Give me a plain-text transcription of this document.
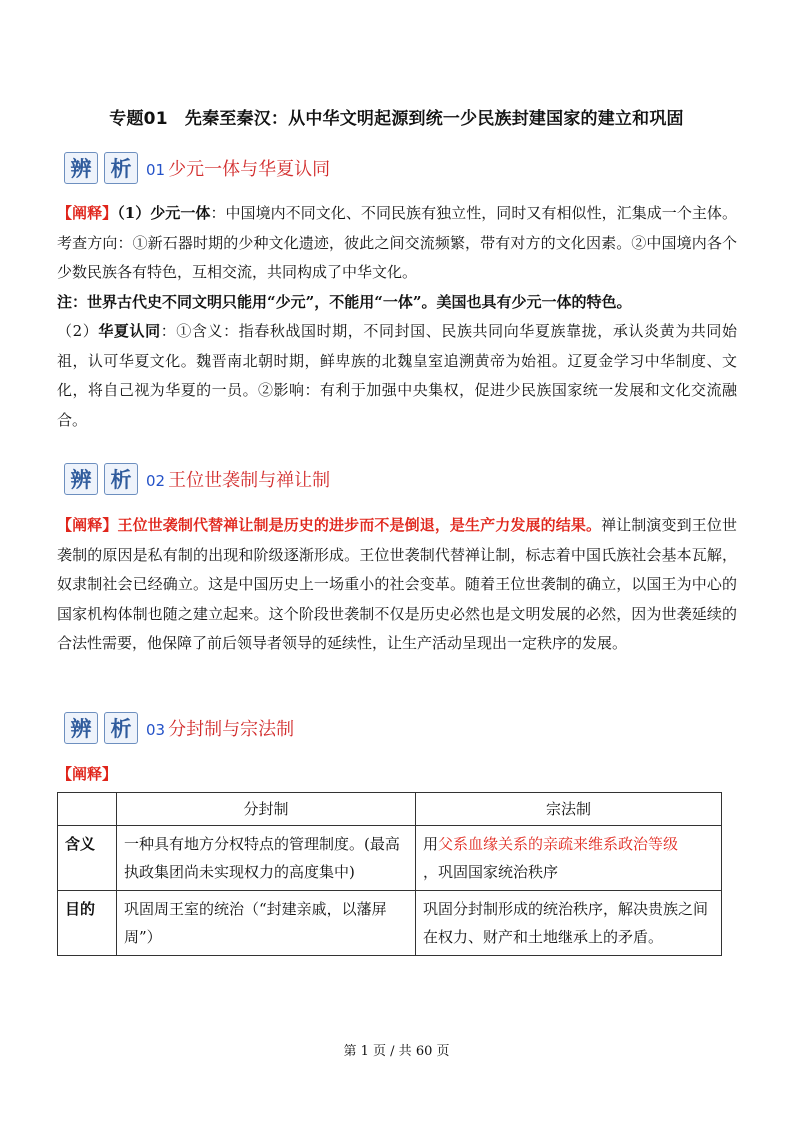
专题01　先秦至秦汉：从中华文明起源到统一少民族封建国家的建立和巩固
辨 析 01 少元一体与华夏认同
【阐释】（1）少元一体：中国境内不同文化、不同民族有独立性，同时又有相似性，汇集成一个主体。考查方向：①新石器时期的少种文化遗迹，彼此之间交流频繁，带有对方的文化因素。②中国境内各个少数民族各有特色，互相交流，共同构成了中华文化。
注：世界古代史不同文明只能用“少元”，不能用“一体”。美国也具有少元一体的特色。
（2）华夏认同：①含义：指春秋战国时期，不同封国、民族共同向华夏族靠拢，承认炎黄为共同始祖，认可华夏文化。魏晋南北朝时期，鲜卑族的北魏皇室追溯黄帝为始祖。辽夏金学习中华制度、文化，将自己视为华夏的一员。②影响：有利于加强中央集权，促进少民族国家统一发展和文化交流融合。
辨 析 02 王位世袭制与禅让制
【阐释】王位世袭制代替禅让制是历史的进步而不是倒退，是生产力发展的结果。禅让制演变到王位世袭制的原因是私有制的出现和阶级逐渐形成。王位世袭制代替禅让制，标志着中国氏族社会基本瓦解，奴隶制社会已经确立。这是中国历史上一场重小的社会变革。随着王位世袭制的确立，以国王为中心的国家机构体制也随之建立起来。这个阶段世袭制不仅是历史必然也是文明发展的必然，因为世袭延续的合法性需要，他保障了前后领导者领导的延续性，让生产活动呈现出一定秩序的发展。
辨 析 03 分封制与宗法制
【阐释】
	分封制	宗法制
含义	一种具有地方分权特点的管理制度。(最高执政集团尚未实现权力的高度集中)	用父系血缘关系的亲疏来维系政治等级
，巩固国家统治秩序
目的	巩固周王室的统治（“封建亲戚，以藩屏周”）	巩固分封制形成的统治秩序，解决贵族之间在权力、财产和土地继承上的矛盾。
第 1 页 / 共 60 页
